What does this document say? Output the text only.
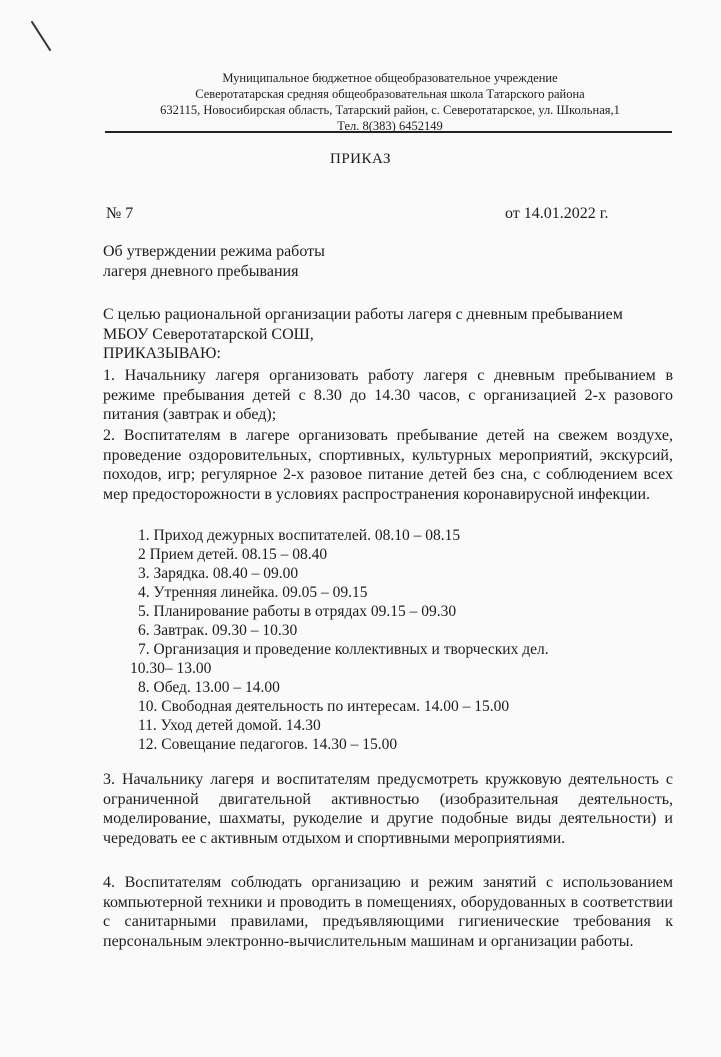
Муниципальное бюджетное общеобразовательное учреждение
Северотатарская средняя общеобразовательная школа Татарского района
632115, Новосибирская область, Татарский район, с. Северотатарское, ул. Школьная,1
Тел. 8(383) 6452149
ПРИКАЗ
№ 7	от 14.01.2022 г.
Об утверждении режима работы
лагеря дневного пребывания
С целью рациональной организации работы лагеря с дневным пребыванием
МБОУ Северотатарской СОШ,
ПРИКАЗЫВАЮ:
1. Начальнику лагеря организовать работу лагеря с дневным пребыванием в режиме пребывания детей с 8.30 до 14.30 часов, с организацией 2-х разового питания (завтрак и обед);
2. Воспитателям в лагере организовать пребывание детей на свежем воздухе, проведение оздоровительных, спортивных, культурных мероприятий, экскурсий, походов, игр; регулярное 2-х разовое питание детей без сна, с соблюдением всех мер предосторожности в условиях распространения коронавирусной инфекции.
1. Приход дежурных воспитателей. 08.10 – 08.15
2 Прием детей. 08.15 – 08.40
3. Зарядка. 08.40 – 09.00
4. Утренняя линейка. 09.05 – 09.15
5. Планирование работы в отрядах 09.15 – 09.30
6. Завтрак. 09.30 – 10.30
7. Организация и проведение коллективных и творческих дел.
10.30– 13.00
8. Обед. 13.00 – 14.00
10. Свободная деятельность по интересам. 14.00 – 15.00
11. Уход детей домой. 14.30
12. Совещание педагогов. 14.30 – 15.00
3. Начальнику лагеря и воспитателям предусмотреть кружковую деятельность с ограниченной двигательной активностью (изобразительная деятельность, моделирование, шахматы, рукоделие и другие подобные виды деятельности) и чередовать ее с активным отдыхом и спортивными мероприятиями.
4. Воспитателям соблюдать организацию и режим занятий с использованием компьютерной техники и проводить в помещениях, оборудованных в соответствии с санитарными правилами, предъявляющими гигиенические требования к персональным электронно-вычислительным машинам и организации работы.
